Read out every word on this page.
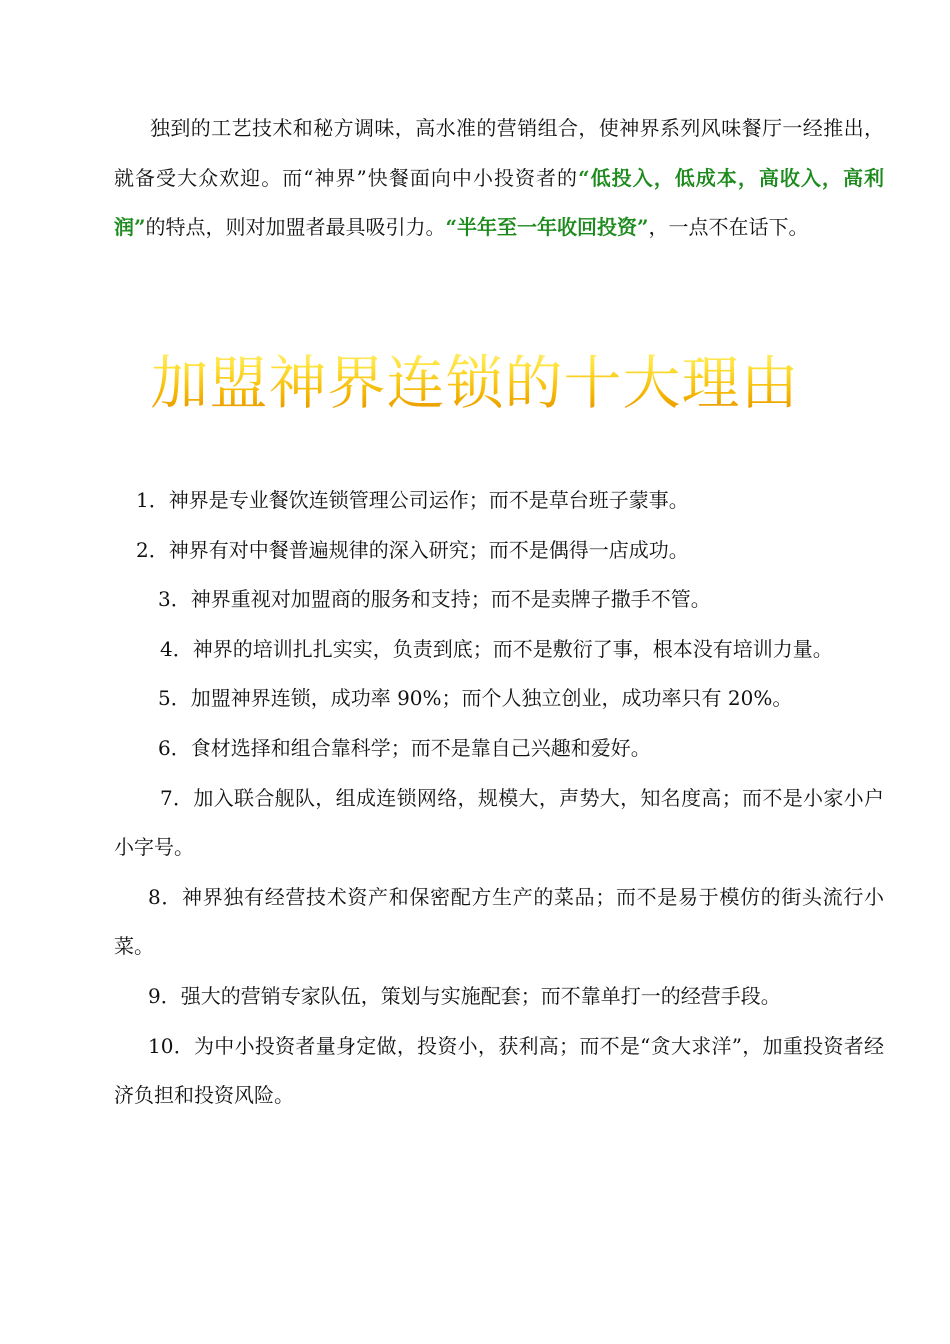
独到的工艺技术和秘方调味，高水准的营销组合，使神界系列风味餐厅一经推出，就备受大众欢迎。而“神界”快餐面向中小投资者的“低投入，低成本，高收入，高利润”的特点，则对加盟者最具吸引力。“半年至一年收回投资”，一点不在话下。

加盟神界连锁的十大理由

1．神界是专业餐饮连锁管理公司运作；而不是草台班子蒙事。

2．神界有对中餐普遍规律的深入研究；而不是偶得一店成功。

3．神界重视对加盟商的服务和支持；而不是卖牌子撒手不管。

4．神界的培训扎扎实实，负责到底；而不是敷衍了事，根本没有培训力量。

5．加盟神界连锁，成功率 90%；而个人独立创业，成功率只有 20%。

6．食材选择和组合靠科学；而不是靠自己兴趣和爱好。

7．加入联合舰队，组成连锁网络，规模大，声势大，知名度高；而不是小家小户小字号。

8．神界独有经营技术资产和保密配方生产的菜品；而不是易于模仿的街头流行小菜。

9．强大的营销专家队伍，策划与实施配套；而不靠单打一的经营手段。

10．为中小投资者量身定做，投资小，获利高；而不是“贪大求洋”，加重投资者经济负担和投资风险。
